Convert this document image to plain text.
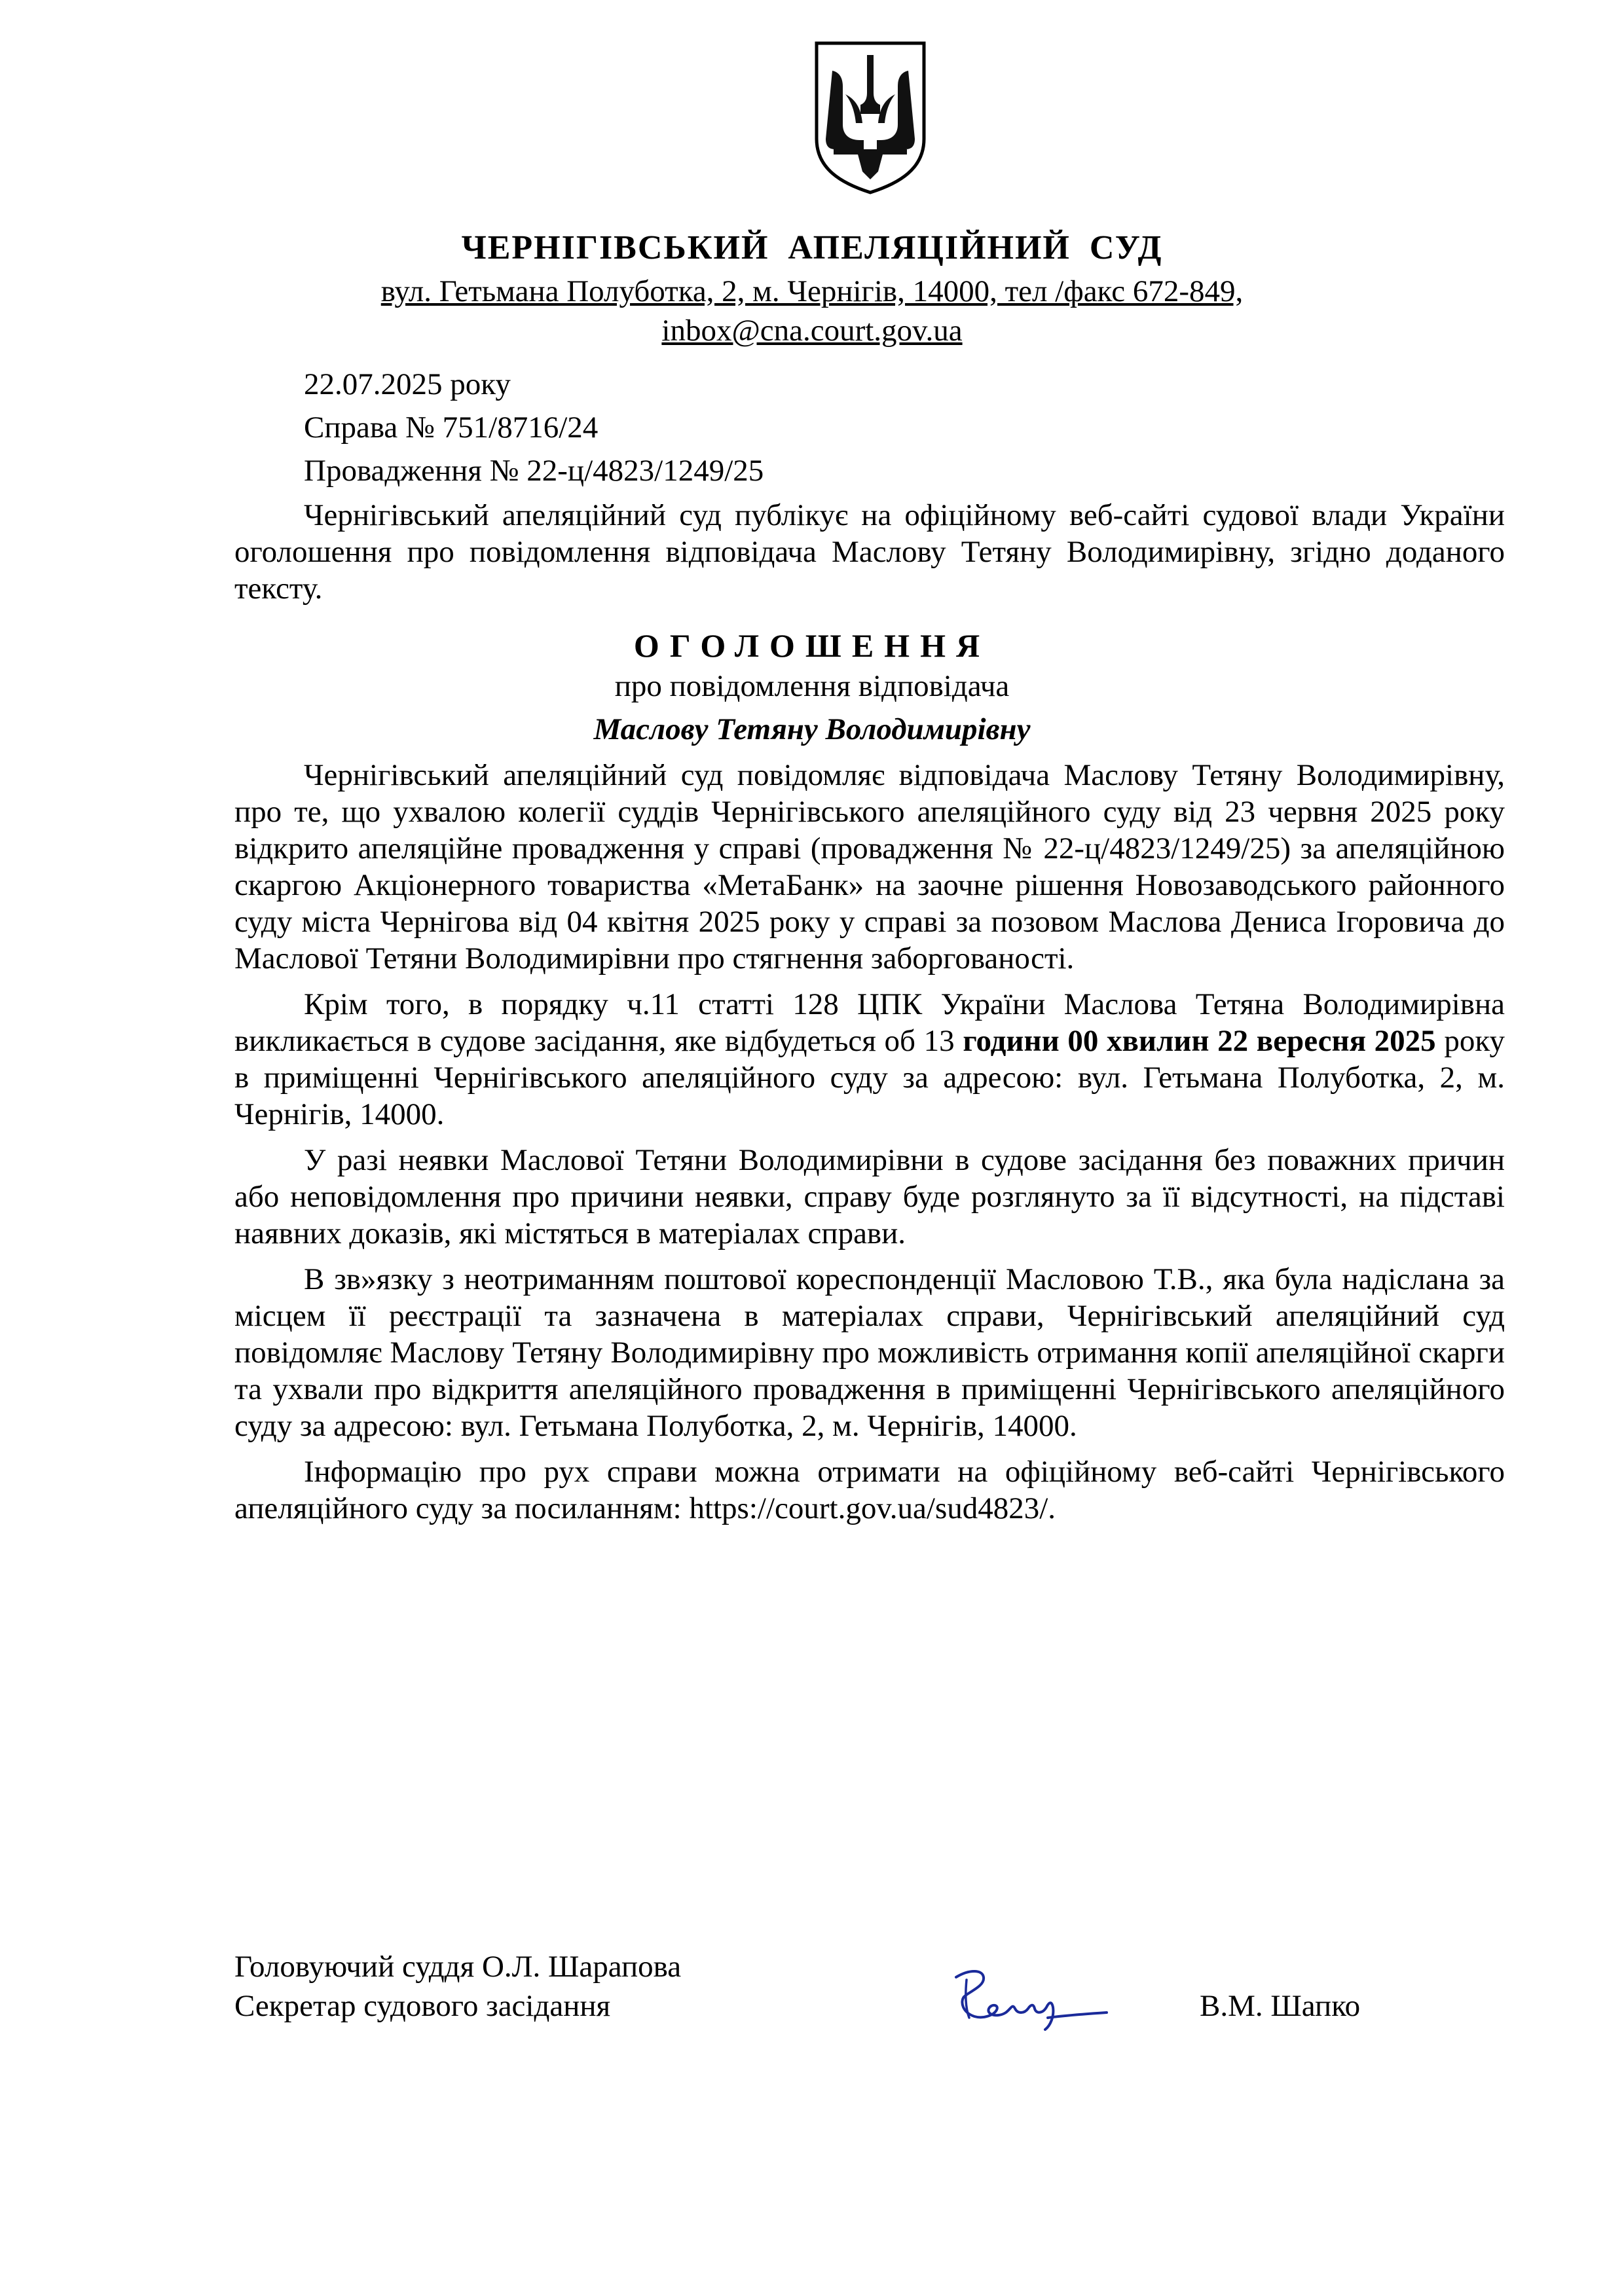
ЧЕРНІГІВСЬКИЙ АПЕЛЯЦІЙНИЙ СУД
вул. Гетьмана Полуботка, 2, м. Чернігів, 14000, тел /факс 672-849,
inbox@cna.court.gov.ua
22.07.2025 року
Справа № 751/8716/24
Провадження № 22-ц/4823/1249/25

Чернігівський апеляційний суд публікує на офіційному веб-сайті судової влади України оголошення про повідомлення відповідача Маслову Тетяну Володимирівну, згідно доданого тексту.

ОГОЛОШЕННЯ
про повідомлення відповідача
Маслову Тетяну Володимирівну

Чернігівський апеляційний суд повідомляє відповідача Маслову Тетяну Володимирівну, про те, що ухвалою колегії суддів Чернігівського апеляційного суду від 23 червня 2025 року відкрито апеляційне провадження у справі (провадження № 22-ц/4823/1249/25) за апеляційною скаргою Акціонерного товариства «МетаБанк» на заочне рішення Новозаводського районного суду міста Чернігова від 04 квітня 2025 року у справі за позовом Маслова Дениса Ігоровича до Маслової Тетяни Володимирівни про стягнення заборгованості.

Крім того, в порядку ч.11 статті 128 ЦПК України Маслова Тетяна Володимирівна викликається в судове засідання, яке відбудеться об 13 години 00 хвилин 22 вересня 2025 року в приміщенні Чернігівського апеляційного суду за адресою: вул. Гетьмана Полуботка, 2, м. Чернігів, 14000.

У разі неявки Маслової Тетяни Володимирівни в судове засідання без поважних причин або неповідомлення про причини неявки, справу буде розглянуто за її відсутності, на підставі наявних доказів, які містяться в матеріалах справи.

В зв»язку з неотриманням поштової кореспонденції Масловою Т.В., яка була надіслана за місцем її реєстрації та зазначена в матеріалах справи, Чернігівський апеляційний суд повідомляє Маслову Тетяну Володимирівну про можливість отримання копії апеляційної скарги та ухвали про відкриття апеляційного провадження в приміщенні Чернігівського апеляційного суду за адресою: вул. Гетьмана Полуботка, 2, м. Чернігів, 14000.

Інформацію про рух справи можна отримати на офіційному веб-сайті Чернігівського апеляційного суду за посиланням: https://court.gov.ua/sud4823/.

Головуючий суддя О.Л. Шарапова
Секретар судового засідання	В.М. Шапко
